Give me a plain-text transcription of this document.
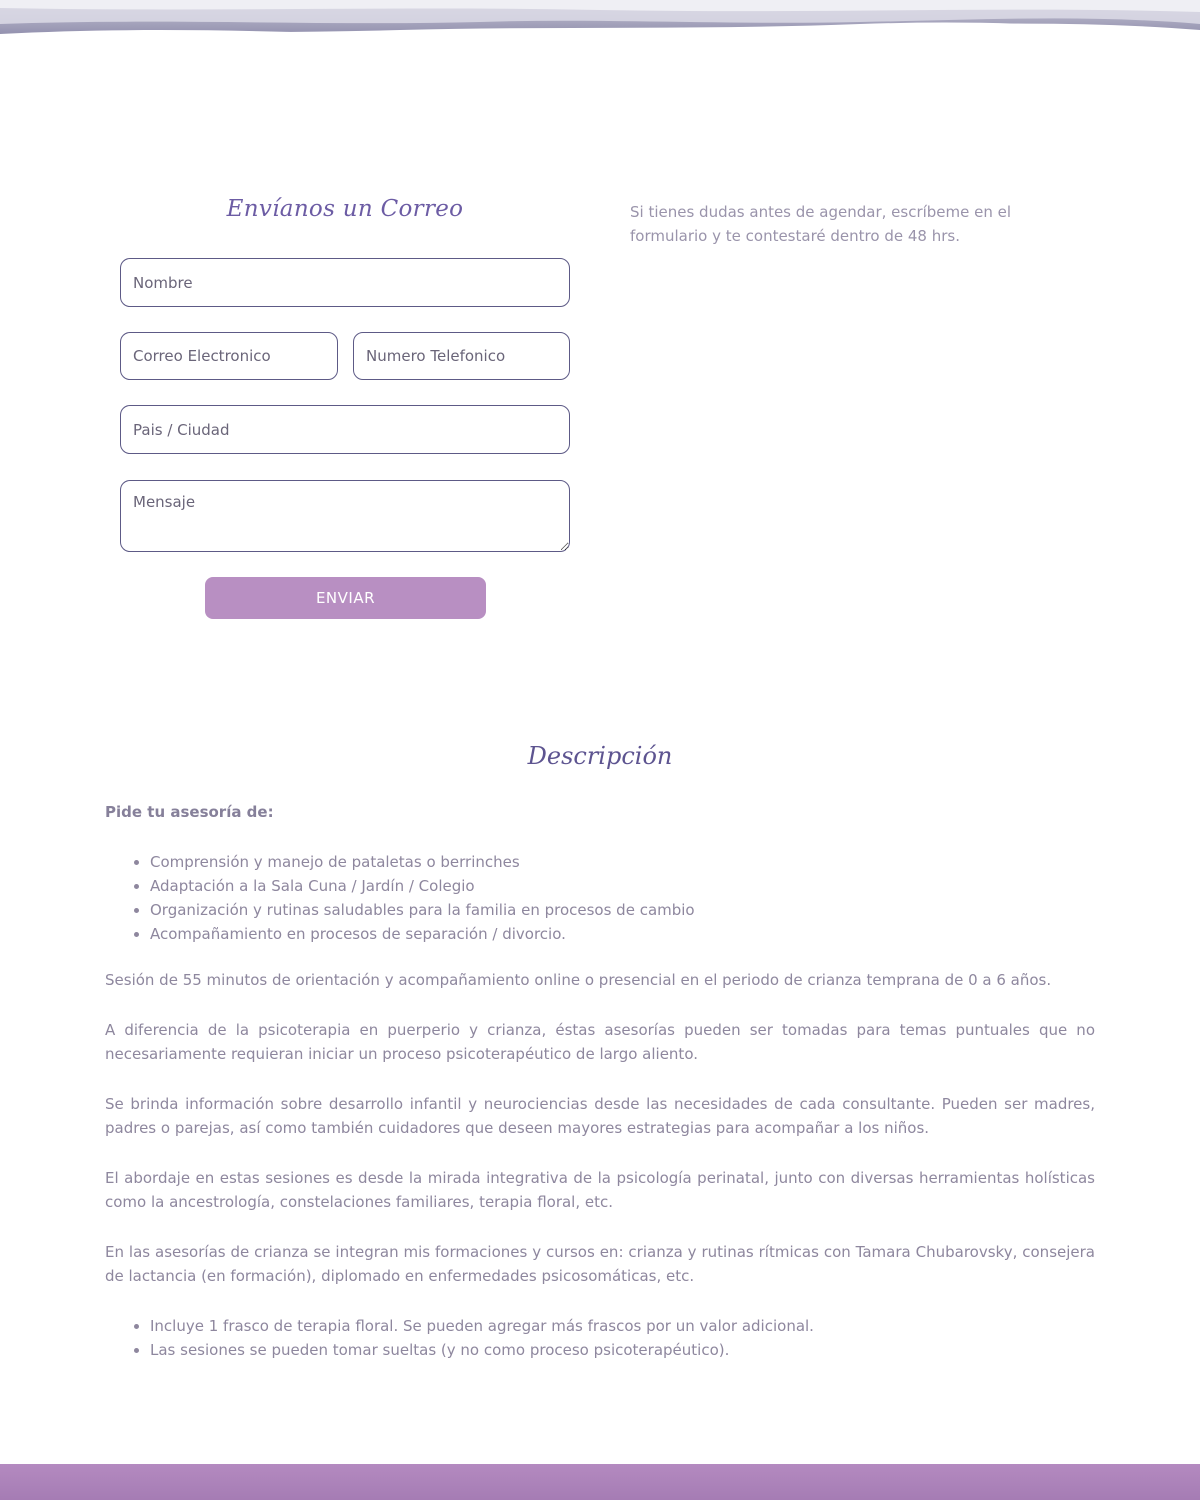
Envíanos un Correo
Nombre
Correo Electronico
Numero Telefonico
Pais / Ciudad
Mensaje
ENVIAR

Si tienes dudas antes de agendar, escríbeme en el formulario y te contestaré dentro de 48 hrs.

Descripción

Pide tu asesoría de:

• Comprensión y manejo de pataletas o berrinches
• Adaptación a la Sala Cuna / Jardín / Colegio
• Organización y rutinas saludables para la familia en procesos de cambio
• Acompañamiento en procesos de separación / divorcio.

Sesión de 55 minutos de orientación y acompañamiento online o presencial en el periodo de crianza temprana de 0 a 6 años.

A diferencia de la psicoterapia en puerperio y crianza, éstas asesorías pueden ser tomadas para temas puntuales que no necesariamente requieran iniciar un proceso psicoterapéutico de largo aliento.

Se brinda información sobre desarrollo infantil y neurociencias desde las necesidades de cada consultante. Pueden ser madres, padres o parejas, así como también cuidadores que deseen mayores estrategias para acompañar a los niños.

El abordaje en estas sesiones es desde la mirada integrativa de la psicología perinatal, junto con diversas herramientas holísticas como la ancestrología, constelaciones familiares, terapia floral, etc.

En las asesorías de crianza se integran mis formaciones y cursos en: crianza y rutinas rítmicas con Tamara Chubarovsky, consejera de lactancia (en formación), diplomado en enfermedades psicosomáticas, etc.

• Incluye 1 frasco de terapia floral. Se pueden agregar más frascos por un valor adicional.
• Las sesiones se pueden tomar sueltas (y no como proceso psicoterapéutico).
